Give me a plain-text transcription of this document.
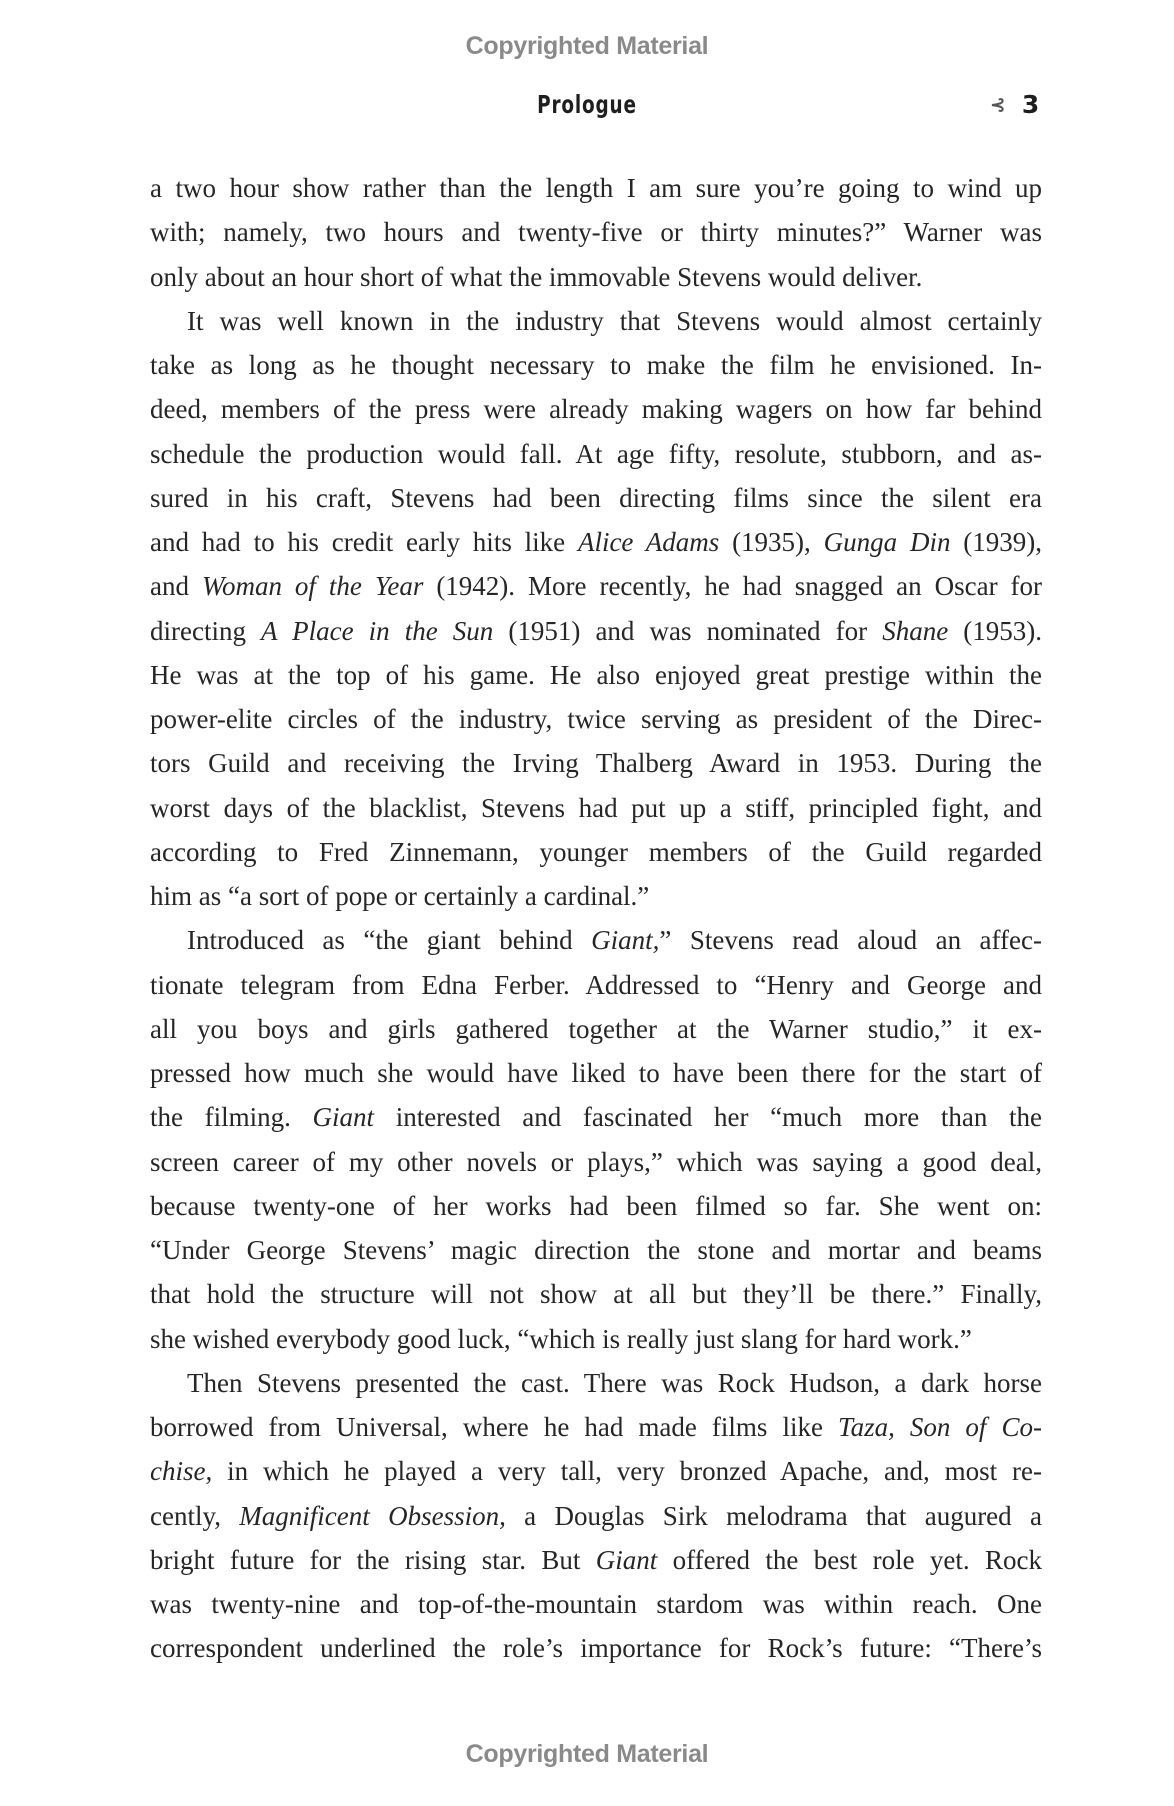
Copyrighted Material
Prologue	⊰ 3
a two hour show rather than the length I am sure you’re going to wind up
with; namely, two hours and twenty-five or thirty minutes?” Warner was
only about an hour short of what the immovable Stevens would deliver.
It was well known in the industry that Stevens would almost certainly
take as long as he thought necessary to make the film he envisioned. In-
deed, members of the press were already making wagers on how far behind
schedule the production would fall. At age fifty, resolute, stubborn, and as-
sured in his craft, Stevens had been directing films since the silent era
and had to his credit early hits like Alice Adams (1935), Gunga Din (1939),
and Woman of the Year (1942). More recently, he had snagged an Oscar for
directing A Place in the Sun (1951) and was nominated for Shane (1953).
He was at the top of his game. He also enjoyed great prestige within the
power-elite circles of the industry, twice serving as president of the Direc-
tors Guild and receiving the Irving Thalberg Award in 1953. During the
worst days of the blacklist, Stevens had put up a stiff, principled fight, and
according to Fred Zinnemann, younger members of the Guild regarded
him as “a sort of pope or certainly a cardinal.”
Introduced as “the giant behind Giant,” Stevens read aloud an affec-
tionate telegram from Edna Ferber. Addressed to “Henry and George and
all you boys and girls gathered together at the Warner studio,” it ex-
pressed how much she would have liked to have been there for the start of
the filming. Giant interested and fascinated her “much more than the
screen career of my other novels or plays,” which was saying a good deal,
because twenty-one of her works had been filmed so far. She went on:
“Under George Stevens’ magic direction the stone and mortar and beams
that hold the structure will not show at all but they’ll be there.” Finally,
she wished everybody good luck, “which is really just slang for hard work.”
Then Stevens presented the cast. There was Rock Hudson, a dark horse
borrowed from Universal, where he had made films like Taza, Son of Co-
chise, in which he played a very tall, very bronzed Apache, and, most re-
cently, Magnificent Obsession, a Douglas Sirk melodrama that augured a
bright future for the rising star. But Giant offered the best role yet. Rock
was twenty-nine and top-of-the-mountain stardom was within reach. One
correspondent underlined the role’s importance for Rock’s future: “There’s
Copyrighted Material
